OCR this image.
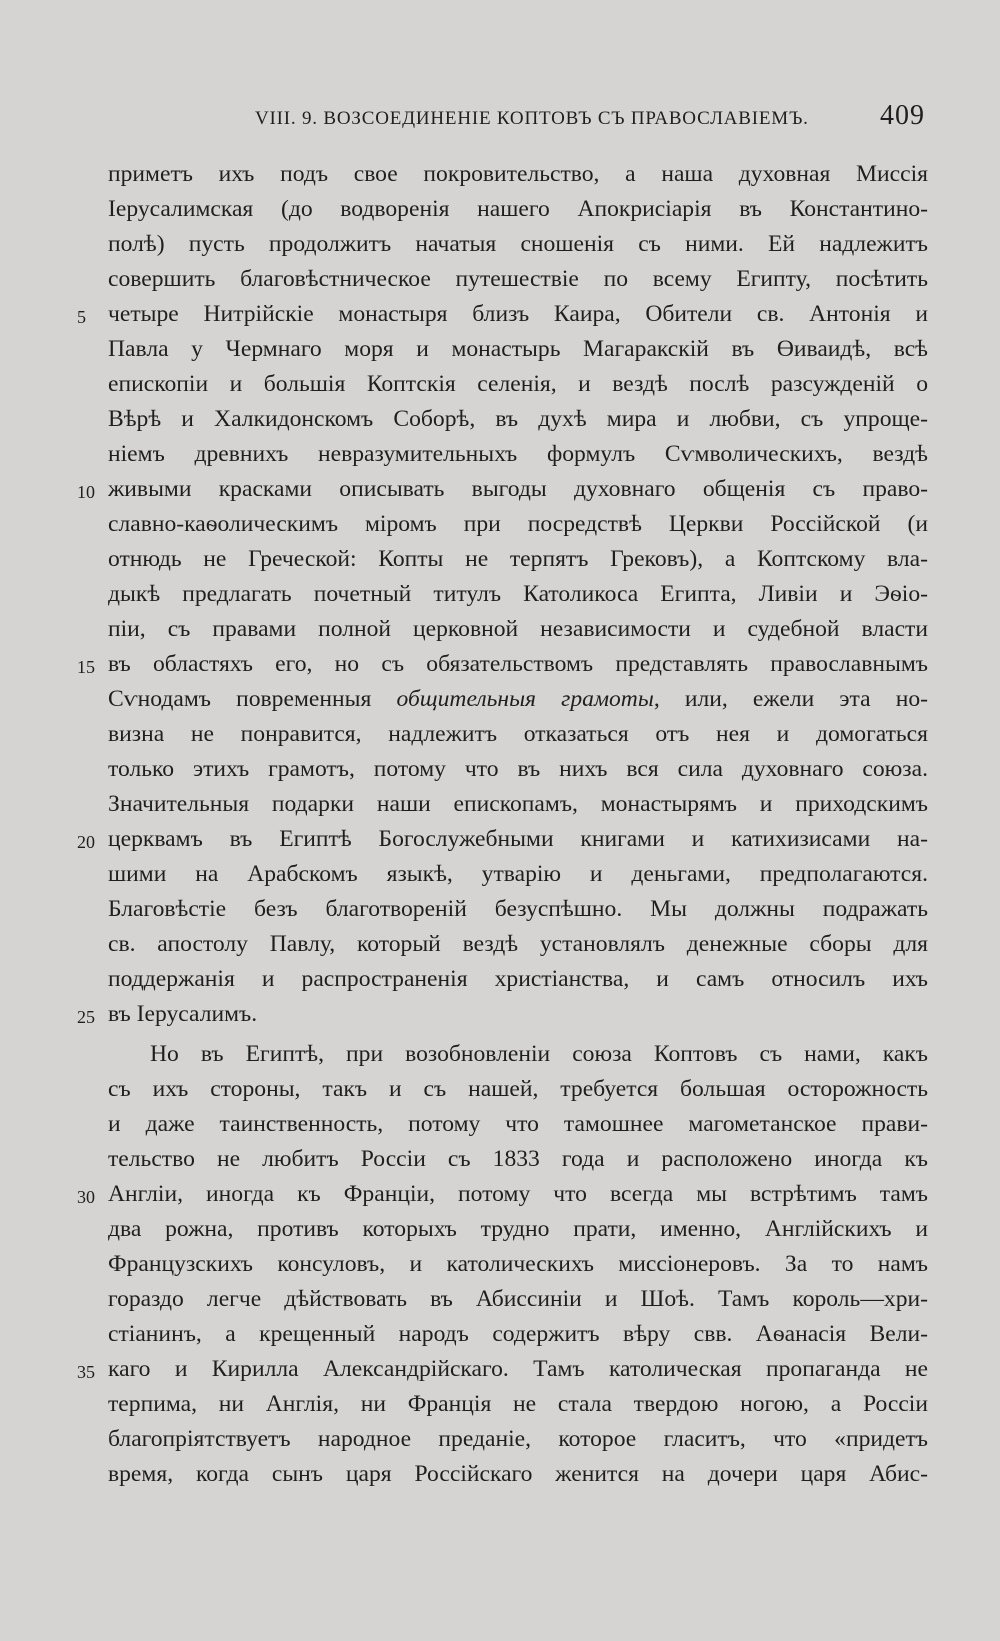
VIII. 9. ВОЗСОЕДИНЕНІЕ КОПТОВЪ СЪ ПРАВОСЛАВІЕМЪ.	409
приметъ ихъ подъ свое покровительство, а наша духовная Миссія
Іерусалимская (до водворенія нашего Апокрисіарія въ Константино-
полѣ) пусть продолжитъ начатыя сношенія съ ними. Ей надлежитъ
совершить благовѣстническое путешествіе по всему Египту, посѣтить
четыре Нитрійскіе монастыря близъ Каира, Обители св. Антонія и
Павла у Чермнаго моря и монастырь Магаракскій въ Өиваидѣ, всѣ
епископіи и большія Коптскія селенія, и вездѣ послѣ разсужденій о
Вѣрѣ и Халкидонскомъ Соборѣ, въ духѣ мира и любви, съ упроще-
ніемъ древнихъ невразумительныхъ формулъ Сѵмволическихъ, вездѣ
живыми красками описывать выгоды духовнаго общенія съ право-
славно-каѳолическимъ міромъ при посредствѣ Церкви Россійской (и
отнюдь не Греческой: Копты не терпятъ Грековъ), а Коптскому вла-
дыкѣ предлагать почетный титулъ Католикоса Египта, Ливіи и Эѳіо-
піи, съ правами полной церковной независимости и судебной власти
въ областяхъ его, но съ обязательствомъ представлять православнымъ
Сѵнодамъ повременныя общительныя грамоты, или, ежели эта но-
визна не понравится, надлежитъ отказаться отъ нея и домогаться
только этихъ грамотъ, потому что въ нихъ вся сила духовнаго союза.
Значительныя подарки наши епископамъ, монастырямъ и приходскимъ
церквамъ въ Египтѣ Богослужебными книгами и катихизисами на-
шими на Арабскомъ языкѣ, утварію и деньгами, предполагаются.
Благовѣстіе безъ благотвореній безуспѣшно. Мы должны подражать
св. апостолу Павлу, который вездѣ установлялъ денежные сборы для
поддержанія и распространенія христіанства, и самъ относилъ ихъ
въ Іерусалимъ.
Но въ Египтѣ, при возобновленіи союза Коптовъ съ нами, какъ
съ ихъ стороны, такъ и съ нашей, требуется большая осторожность
и даже таинственность, потому что тамошнее магометанское прави-
тельство не любитъ Россіи съ 1833 года и расположено иногда къ
Англіи, иногда къ Франціи, потому что всегда мы встрѣтимъ тамъ
два рожна, противъ которыхъ трудно прати, именно, Англійскихъ и
Французскихъ консуловъ, и католическихъ миссіонеровъ. За то намъ
гораздо легче дѣйствовать въ Абиссиніи и Шоѣ. Тамъ король—хри-
стіанинъ, а крещенный народъ содержитъ вѣру свв. Аѳанасія Вели-
каго и Кирилла Александрійскаго. Тамъ католическая пропаганда не
терпима, ни Англія, ни Франція не стала твердою ногою, а Россіи
благопріятствуетъ народное преданіе, которое гласитъ, что «придетъ
время, когда сынъ царя Россійскаго женится на дочери царя Абис-
5
10
15
20
25
30
35
